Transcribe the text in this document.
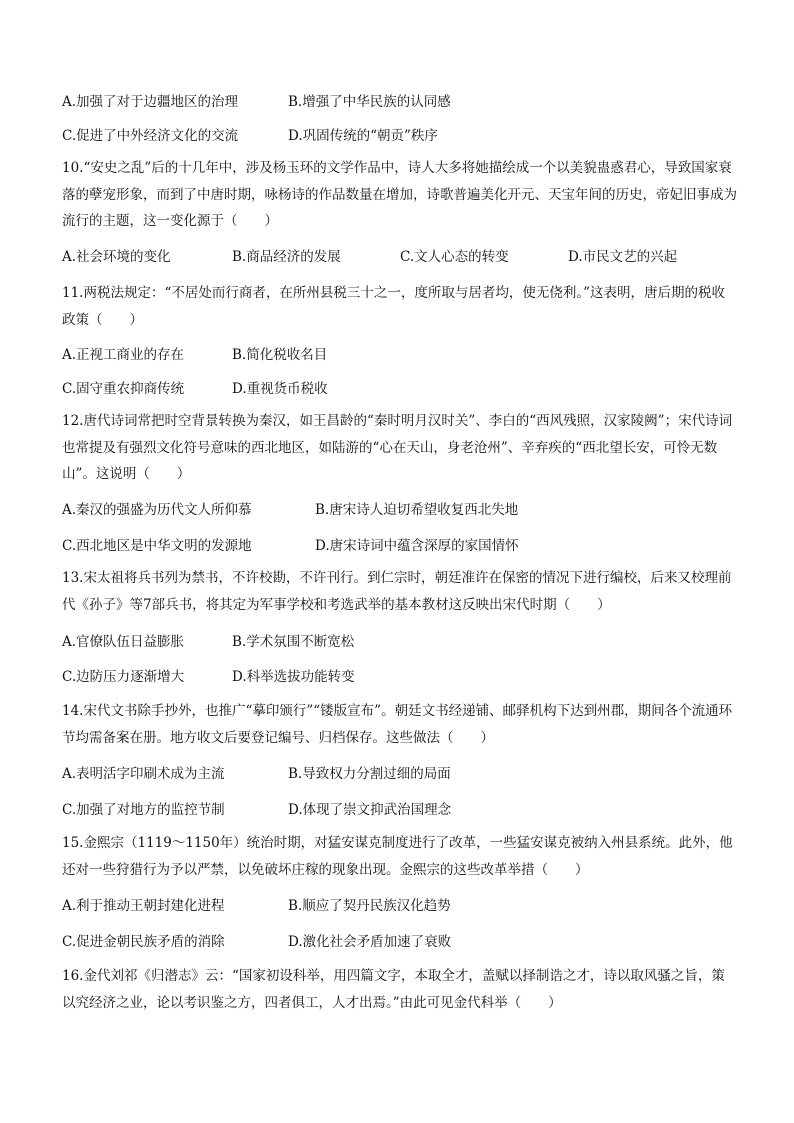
A.加强了对于边疆地区的治理	B.增强了中华民族的认同感
C.促进了中外经济文化的交流	D.巩固传统的“朝贡”秩序
10.“安史之乱”后的十几年中，涉及杨玉环的文学作品中，诗人大多将她描绘成一个以美貌蛊惑君心，导致国家衰落的孽宠形象，而到了中唐时期，咏杨诗的作品数量在增加，诗歌普遍美化开元、天宝年间的历史，帝妃旧事成为流行的主题，这一变化源于（　　）
A.社会环境的变化	B.商品经济的发展	C.文人心态的转变	D.市民文艺的兴起
11.两税法规定：“不居处而行商者，在所州县税三十之一，度所取与居者均，使无侥利。”这表明，唐后期的税收政策（　　）
A.正视工商业的存在	B.简化税收名目
C.固守重农抑商传统	D.重视货币税收
12.唐代诗词常把时空背景转换为秦汉，如王昌龄的“秦时明月汉时关”、李白的“西风残照，汉家陵阙”；宋代诗词也常提及有强烈文化符号意味的西北地区，如陆游的“心在天山，身老沧州”、辛弃疾的“西北望长安，可怜无数山”。这说明（　　）
A.秦汉的强盛为历代文人所仰慕	B.唐宋诗人迫切希望收复西北失地
C.西北地区是中华文明的发源地	D.唐宋诗词中蕴含深厚的家国情怀
13.宋太祖将兵书列为禁书，不许校勘，不许刊行。到仁宗时，朝廷准许在保密的情况下进行编校，后来又校理前代《孙子》等7部兵书，将其定为军事学校和考选武举的基本教材这反映出宋代时期（　　）
A.官僚队伍日益膨胀	B.学术氛围不断宽松
C.边防压力逐渐增大	D.科举选拔功能转变
14.宋代文书除手抄外，也推广“摹印颁行”“镂版宣布”。朝廷文书经递铺、邮驿机构下达到州郡，期间各个流通环节均需备案在册。地方收文后要登记编号、归档保存。这些做法（　　）
A.表明活字印刷术成为主流	B.导致权力分割过细的局面
C.加强了对地方的监控节制	D.体现了崇文抑武治国理念
15.金熙宗（1119～1150年）统治时期，对猛安谋克制度进行了改革，一些猛安谋克被纳入州县系统。此外，他还对一些狩猎行为予以严禁，以免破坏庄稼的现象出现。金熙宗的这些改革举措（　　）
A.利于推动王朝封建化进程	B.顺应了契丹民族汉化趋势
C.促进金朝民族矛盾的消除	D.激化社会矛盾加速了衰败
16.金代刘祁《归潜志》云：“国家初设科举，用四篇文字，本取全才，盖赋以择制诰之才，诗以取风骚之旨，策以究经济之业，论以考识鉴之方，四者俱工，人才出焉。”由此可见金代科举（　　）
